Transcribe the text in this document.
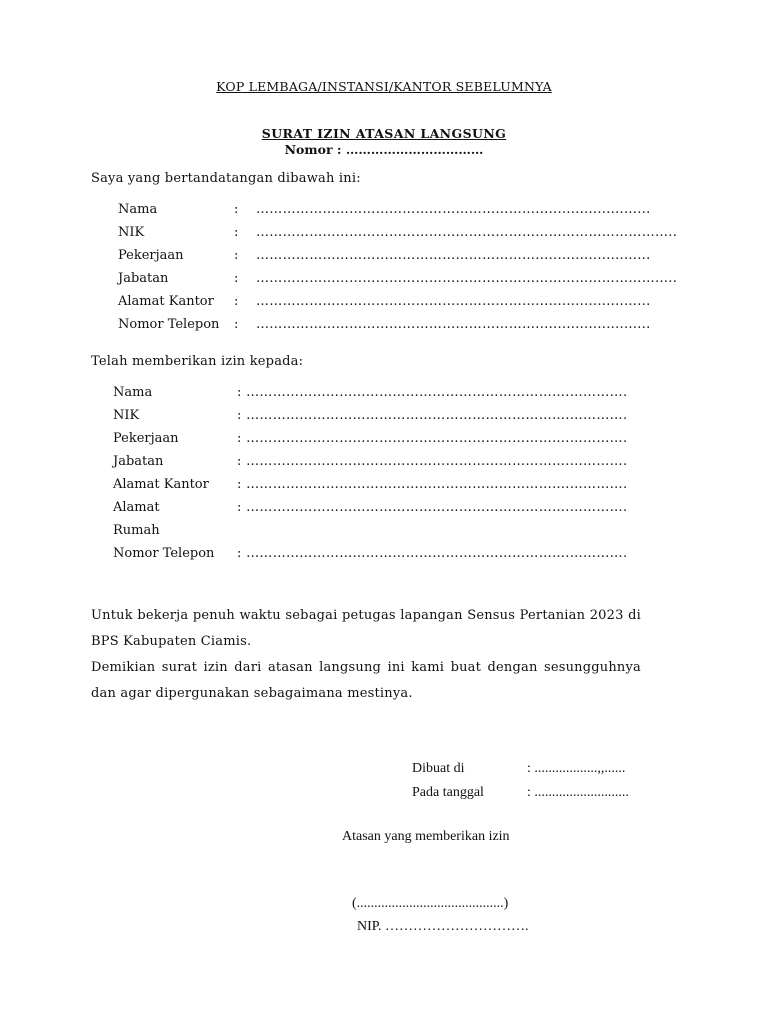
KOP LEMBAGA/INSTANSI/KANTOR SEBELUMNYA
SURAT IZIN ATASAN LANGSUNG
Nomor : ……………………………
Saya yang bertandatangan dibawah ini:
Nama	: ………………………………………………………..........................
NIK	: …………………………………………………………………………………..
Pekerjaan	: ………………………………………………………..........................
Jabatan	: …………………………………………………………………………………..
Alamat Kantor : ………………………………………………………..........................
Nomor Telepon : ………………………………………………………..........................
Telah memberikan izin kepada:
Nama	: ……………………………………………………………….………….
NIK	: ……………………………………………………………….………….
Pekerjaan	: ……………………………………………………………….………….
Jabatan	: ……………………………………………………………….………….
Alamat Kantor : ……………………………………………………………….………….
Alamat	: ……………………………………………………………….………….
Rumah
Nomor Telepon : ……………………………………………………………….………….

Untuk bekerja penuh waktu sebagai petugas lapangan Sensus Pertanian 2023 di BPS Kabupaten Ciamis.

Demikian surat izin dari atasan langsung ini kami buat dengan sesungguhnya dan agar dipergunakan sebagaimana mestinya.

Dibuat di	: ..................,,......
Pada tanggal	: ...........................
Atasan yang memberikan izin
(..........................................)
NIP. ………………………….
